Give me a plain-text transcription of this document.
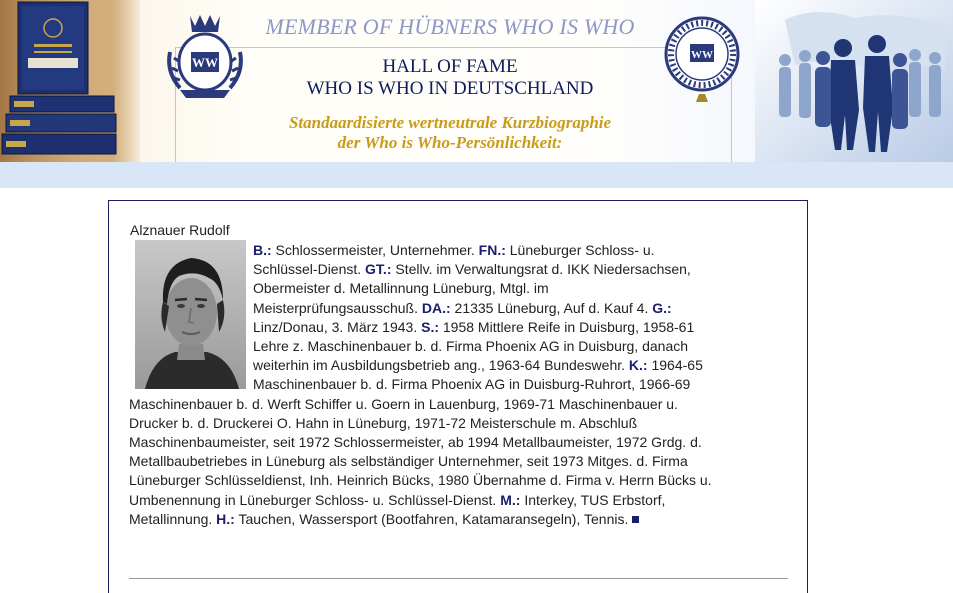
WW	WW
MEMBER OF HÜBNERS WHO IS WHO
HALL OF FAME
WHO IS WHO IN DEUTSCHLAND
Standaardisierte wertneutrale Kurzbiographie
der Who is Who-Persönlichkeit:
Alznauer Rudolf
B.: Schlossermeister, Unternehmer. FN.: Lüneburger Schloss- u. Schlüssel-Dienst. GT.: Stellv. im Verwaltungsrat d. IKK Niedersachsen, Obermeister d. Metallinnung Lüneburg, Mtgl. im Meisterprüfungsausschuß. DA.: 21335 Lüneburg, Auf d. Kauf 4. G.: Linz/Donau, 3. März 1943. S.: 1958 Mittlere Reife in Duisburg, 1958-61 Lehre z. Maschinenbauer b. d. Firma Phoenix AG in Duisburg, danach weiterhin im Ausbildungsbetrieb ang., 1963-64 Bundeswehr. K.: 1964-65 Maschinenbauer b. d. Firma Phoenix AG in Duisburg-Ruhrort, 1966-69 Maschinenbauer b. d. Werft Schiffer u. Goern in Lauenburg, 1969-71 Maschinenbauer u. Drucker b. d. Druckerei O. Hahn in Lüneburg, 1971-72 Meisterschule m. Abschluß Maschinenbaumeister, seit 1972 Schlossermeister, ab 1994 Metallbaumeister, 1972 Grdg. d. Metallbaubetriebes in Lüneburg als selbständiger Unternehmer, seit 1973 Mitges. d. Firma Lüneburger Schlüsseldienst, Inh. Heinrich Bücks, 1980 Übernahme d. Firma v. Herrn Bücks u. Umbenennung in Lüneburger Schloss- u. Schlüssel-Dienst. M.: Interkey, TUS Erbstorf, Metallinnung. H.: Tauchen, Wassersport (Bootfahren, Katamaransegeln), Tennis.
